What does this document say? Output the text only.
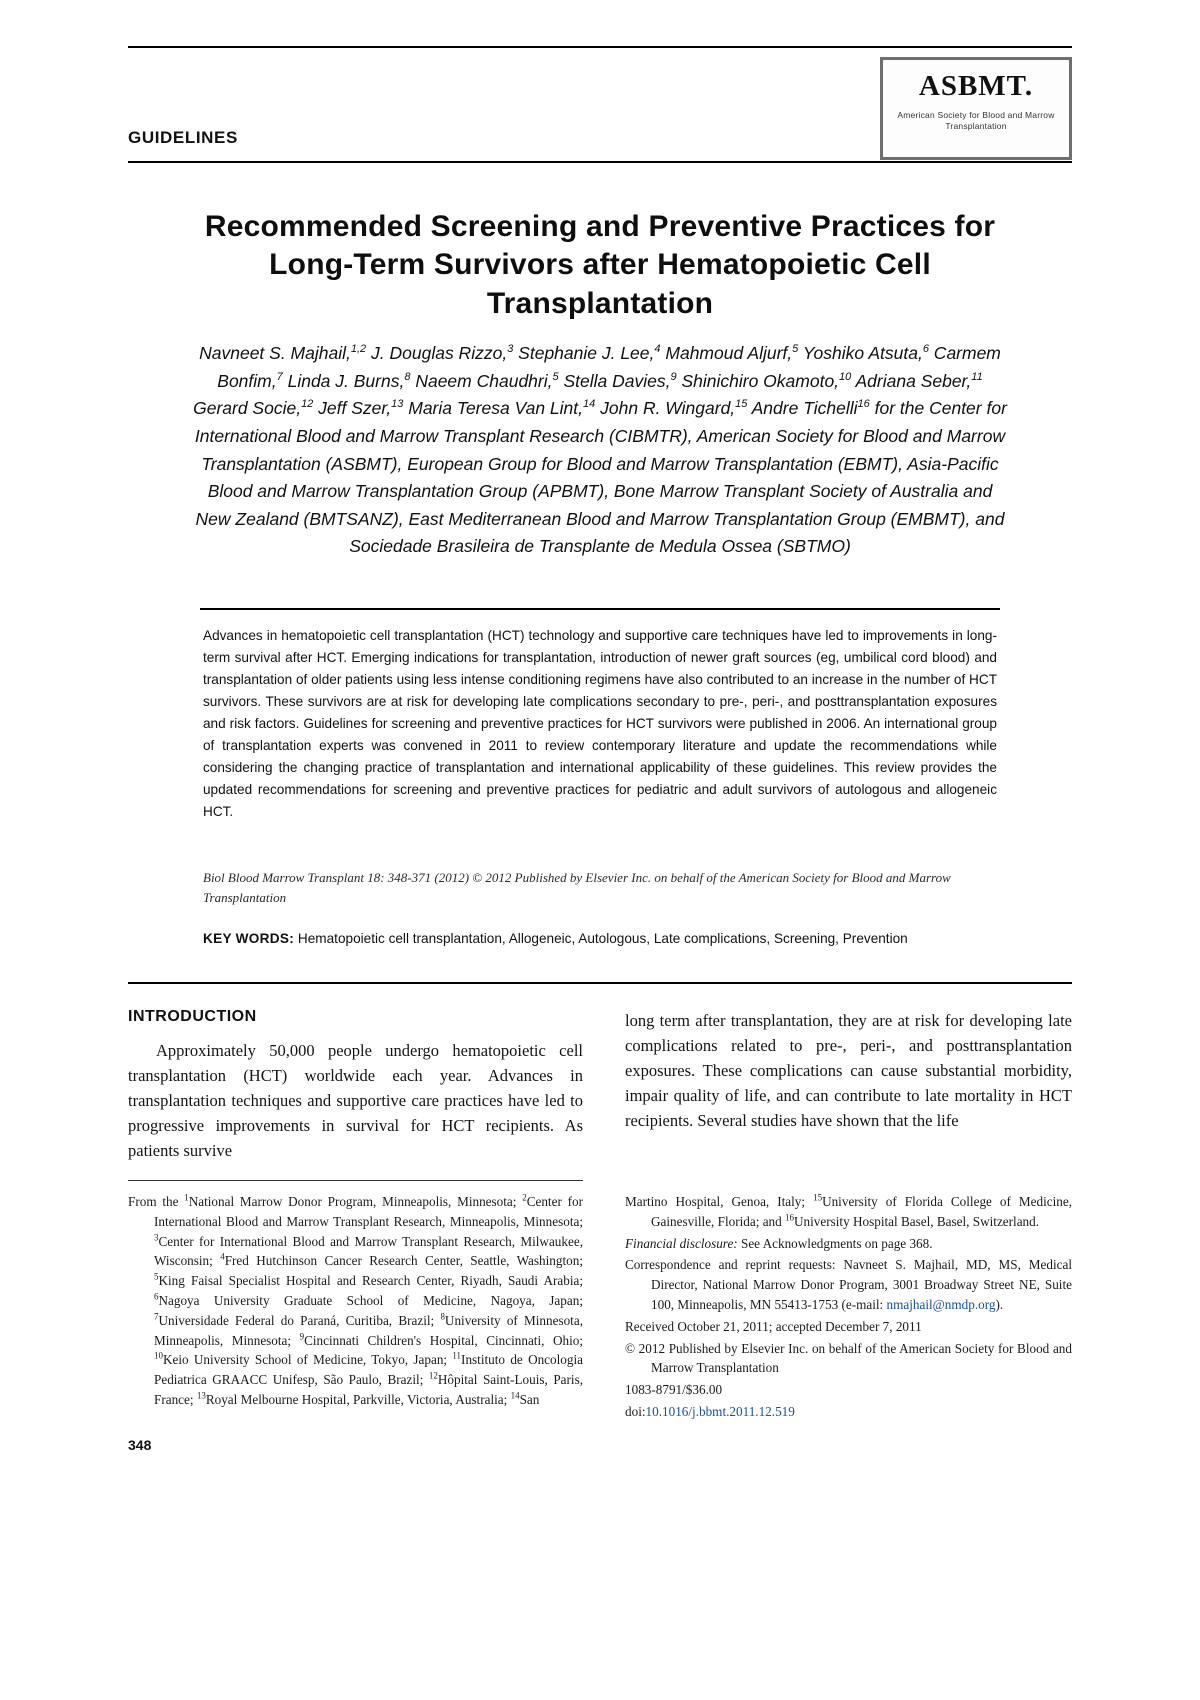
ASBMT.
American Society for Blood and Marrow Transplantation
GUIDELINES
Recommended Screening and Preventive Practices for Long-Term Survivors after Hematopoietic Cell Transplantation
Navneet S. Majhail,$^{1,2}$ J. Douglas Rizzo,$^3$ Stephanie J. Lee,$^4$ Mahmoud Aljurf,$^5$ Yoshiko Atsuta,$^6$ Carmem Bonfim,$^7$ Linda J. Burns,$^8$ Naeem Chaudhri,$^5$ Stella Davies,$^9$ Shinichiro Okamoto,$^{10}$ Adriana Seber,$^{11}$ Gerard Socie,$^{12}$ Jeff Szer,$^{13}$ Maria Teresa Van Lint,$^{14}$ John R. Wingard,$^{15}$ Andre Tichelli$^{16}$ for the Center for International Blood and Marrow Transplant Research (CIBMTR), American Society for Blood and Marrow Transplantation (ASBMT), European Group for Blood and Marrow Transplantation (EBMT), Asia-Pacific Blood and Marrow Transplantation Group (APBMT), Bone Marrow Transplant Society of Australia and New Zealand (BMTSANZ), East Mediterranean Blood and Marrow Transplantation Group (EMBMT), and Sociedade Brasileira de Transplante de Medula Ossea (SBTMO)
Advances in hematopoietic cell transplantation (HCT) technology and supportive care techniques have led to improvements in long-term survival after HCT. Emerging indications for transplantation, introduction of newer graft sources (eg, umbilical cord blood) and transplantation of older patients using less intense conditioning regimens have also contributed to an increase in the number of HCT survivors. These survivors are at risk for developing late complications secondary to pre-, peri-, and posttransplantation exposures and risk factors. Guidelines for screening and preventive practices for HCT survivors were published in 2006. An international group of transplantation experts was convened in 2011 to review contemporary literature and update the recommendations while considering the changing practice of transplantation and international applicability of these guidelines. This review provides the updated recommendations for screening and preventive practices for pediatric and adult survivors of autologous and allogeneic HCT.
Biol Blood Marrow Transplant 18: 348-371 (2012) © 2012 Published by Elsevier Inc. on behalf of the American Society for Blood and Marrow Transplantation
KEY WORDS: Hematopoietic cell transplantation, Allogeneic, Autologous, Late complications, Screening, Prevention
INTRODUCTION
Approximately 50,000 people undergo hematopoietic cell transplantation (HCT) worldwide each year. Advances in transplantation techniques and supportive care practices have led to progressive improvements in survival for HCT recipients. As patients survive
long term after transplantation, they are at risk for developing late complications related to pre-, peri-, and posttransplantation exposures. These complications can cause substantial morbidity, impair quality of life, and can contribute to late mortality in HCT recipients. Several studies have shown that the life

From the $^1$National Marrow Donor Program, Minneapolis, Minnesota; $^2$Center for International Blood and Marrow Transplant Research, Minneapolis, Minnesota; $^3$Center for International Blood and Marrow Transplant Research, Milwaukee, Wisconsin; $^4$Fred Hutchinson Cancer Research Center, Seattle, Washington; $^5$King Faisal Specialist Hospital and Research Center, Riyadh, Saudi Arabia; $^6$Nagoya University Graduate School of Medicine, Nagoya, Japan; $^7$Universidade Federal do Paraná, Curitiba, Brazil; $^8$University of Minnesota, Minneapolis, Minnesota; $^9$Cincinnati Children's Hospital, Cincinnati, Ohio; $^{10}$Keio University School of Medicine, Tokyo, Japan; $^{11}$Instituto de Oncologia Pediatrica GRAACC Unifesp, São Paulo, Brazil; $^{12}$Hôpital Saint-Louis, Paris, France; $^{13}$Royal Melbourne Hospital, Parkville, Victoria, Australia; $^{14}$San

Martino Hospital, Genoa, Italy; $^{15}$University of Florida College of Medicine, Gainesville, Florida; and $^{16}$University Hospital Basel, Basel, Switzerland.

Financial disclosure: See Acknowledgments on page 368.

Correspondence and reprint requests: Navneet S. Majhail, MD, MS, Medical Director, National Marrow Donor Program, 3001 Broadway Street NE, Suite 100, Minneapolis, MN 55413-1753 (e-mail: nmajhail@nmdp.org).

Received October 21, 2011; accepted December 7, 2011

© 2012 Published by Elsevier Inc. on behalf of the American Society for Blood and Marrow Transplantation

1083-8791/$36.00

doi:10.1016/j.bbmt.2011.12.519

348
